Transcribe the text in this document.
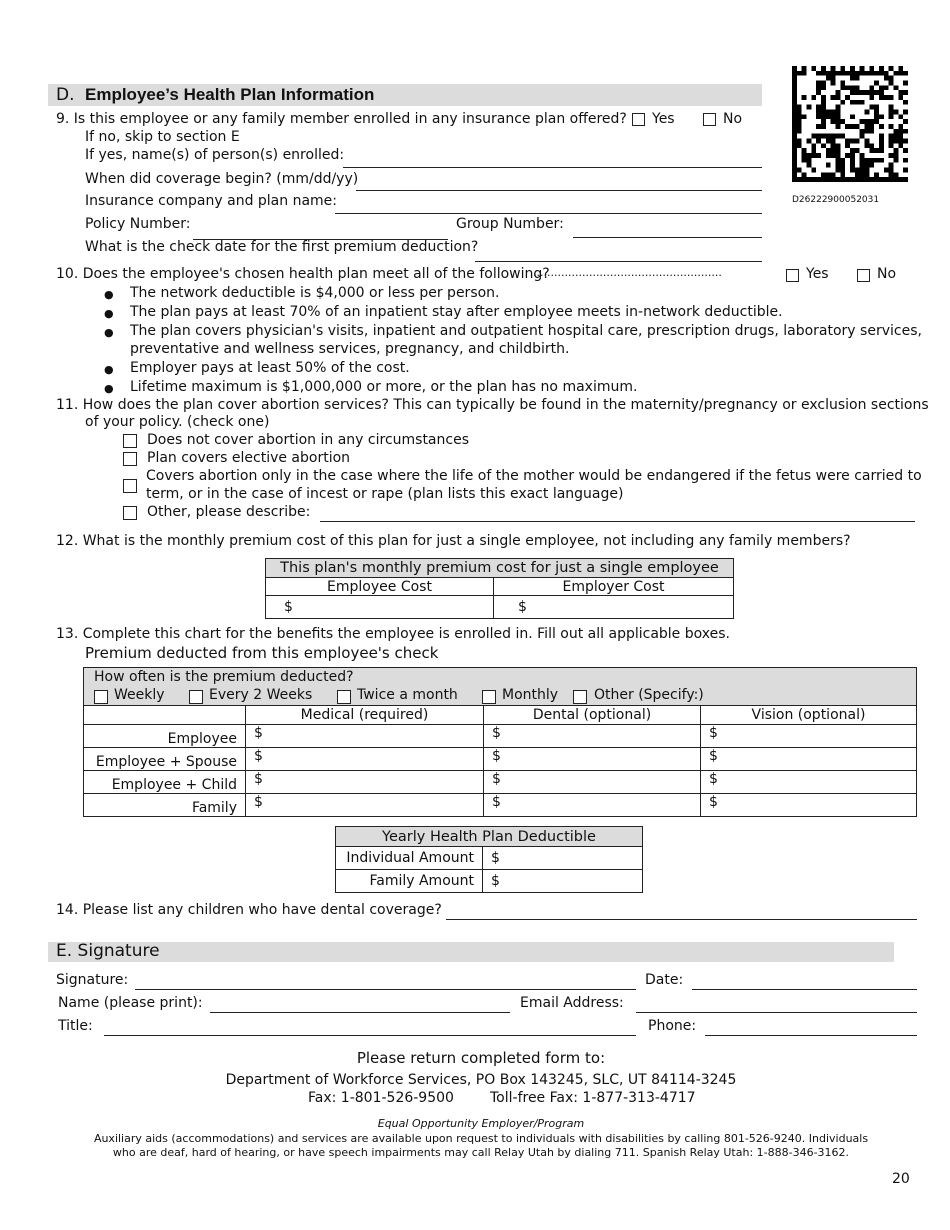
D. Employee’s Health Plan Information
D26222900052031
9. Is this employee or any family member enrolled in any insurance plan offered? Yes	No
If no, skip to section E
If yes, name(s) of person(s) enrolled:
When did coverage begin? (mm/dd/yy)
Insurance company and plan name:
Policy Number:	Group Number:
What is the check date for the first premium deduction?
10. Does the employee's chosen health plan meet all of the following?
......................................................	Yes	No
● The network deductible is $4,000 or less per person.
● The plan pays at least 70% of an inpatient stay after employee meets in-network deductible.
● The plan covers physician's visits, inpatient and outpatient hospital care, prescription drugs, laboratory services,
preventative and wellness services, pregnancy, and childbirth.
● Employer pays at least 50% of the cost.
● Lifetime maximum is $1,000,000 or more, or the plan has no maximum.
11. How does the plan cover abortion services? This can typically be found in the maternity/pregnancy or exclusion sections
of your policy. (check one)
Does not cover abortion in any circumstances
Plan covers elective abortion
Covers abortion only in the case where the life of the mother would be endangered if the fetus were carried to
term, or in the case of incest or rape (plan lists this exact language)
Other, please describe:
12. What is the monthly premium cost of this plan for just a single employee, not including any family members?
This plan's monthly premium cost for just a single employee	
Employee Cost	Employer Cost
$	$
13. Complete this chart for the benefits the employee is enrolled in. Fill out all applicable boxes.
Premium deducted from this employee's check
How often is the premium deducted?
Weekly	Every 2 Weeks	Twice a month	Monthly	Other (Specify:)
	Medical (required)	Dental (optional)	Vision (optional)
Employee	$	$	$
Employee + Spouse	$	$	$
Employee + Child	$	$	$
Family	$	$	$
Yearly Health Plan Deductible	
Individual Amount	$
Family Amount	$
14. Please list any children who have dental coverage?
E. Signature
Signature:	Date:
Name (please print):	Email Address:
Title:	Phone:
Please return completed form to:
Department of Workforce Services, PO Box 143245, SLC, UT 84114-3245
Fax: 1-801-526-9500	Toll-free Fax: 1-877-313-4717
Equal Opportunity Employer/Program
Auxiliary aids (accommodations) and services are available upon request to individuals with disabilities by calling 801-526-9240. Individuals
who are deaf, hard of hearing, or have speech impairments may call Relay Utah by dialing 711. Spanish Relay Utah: 1-888-346-3162.
20
